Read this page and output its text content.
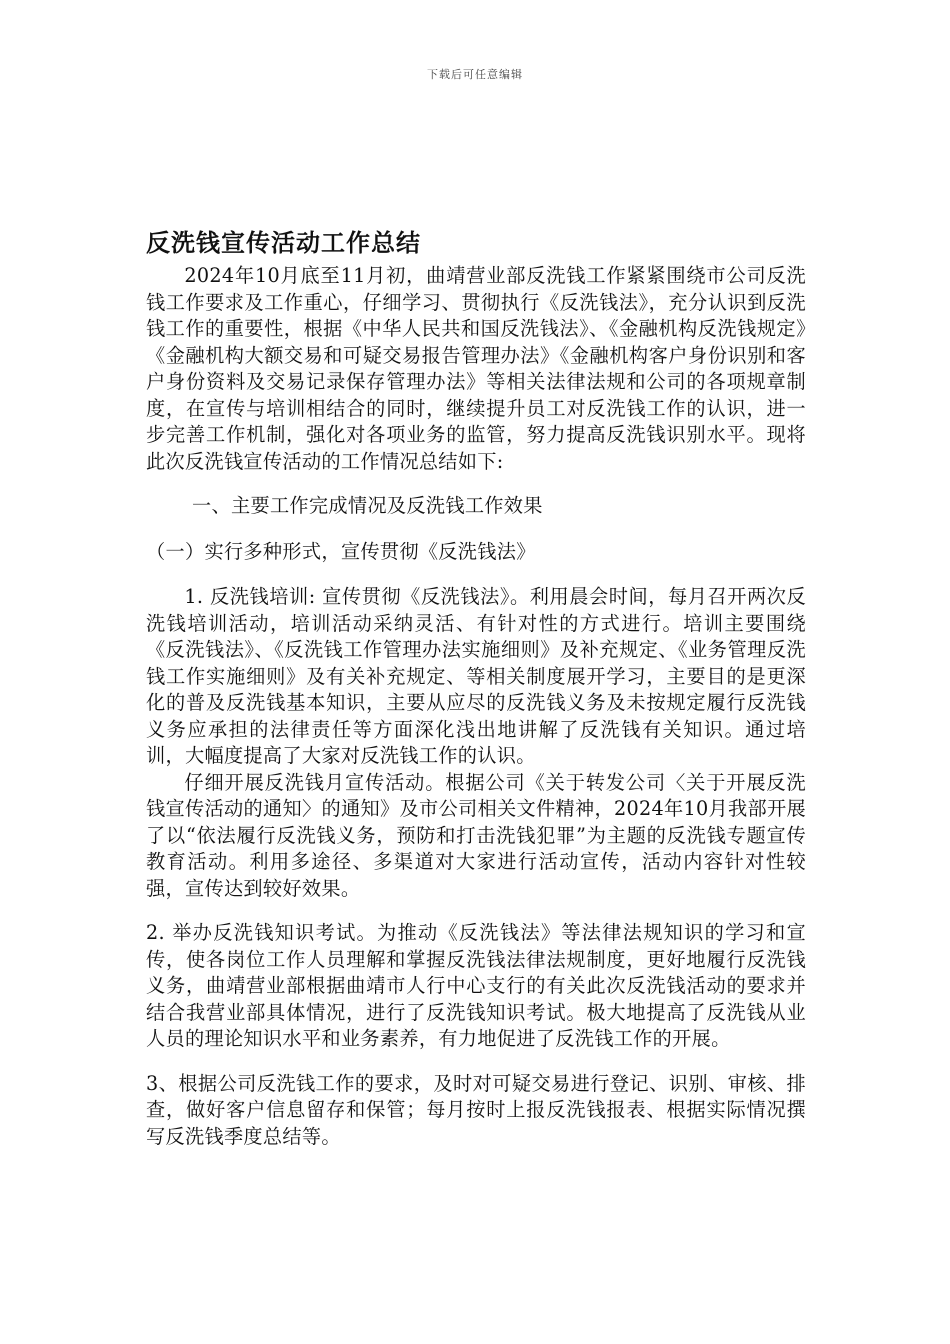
下载后可任意编辑
反洗钱宣传活动工作总结

2024年10月底至11月初，曲靖营业部反洗钱工作紧紧围绕市公司反洗钱工作要求及工作重心，仔细学习、贯彻执行《反洗钱法》，充分认识到反洗钱工作的重要性，根据《中华人民共和国反洗钱法》、《金融机构反洗钱规定》《金融机构大额交易和可疑交易报告管理办法》《金融机构客户身份识别和客户身份资料及交易记录保存管理办法》等相关法律法规和公司的各项规章制度，在宣传与培训相结合的同时，继续提升员工对反洗钱工作的认识，进一步完善工作机制，强化对各项业务的监管，努力提高反洗钱识别水平。现将此次反洗钱宣传活动的工作情况总结如下:

一、主要工作完成情况及反洗钱工作效果

（一）实行多种形式，宣传贯彻《反洗钱法》

1. 反洗钱培训: 宣传贯彻《反洗钱法》。利用晨会时间，每月召开两次反洗钱培训活动，培训活动采纳灵活、有针对性的方式进行。培训主要围绕《反洗钱法》、《反洗钱工作管理办法实施细则》及补充规定、《业务管理反洗钱工作实施细则》及有关补充规定、等相关制度展开学习，主要目的是更深化的普及反洗钱基本知识，主要从应尽的反洗钱义务及未按规定履行反洗钱义务应承担的法律责任等方面深化浅出地讲解了反洗钱有关知识。通过培训，大幅度提高了大家对反洗钱工作的认识。

仔细开展反洗钱月宣传活动。根据公司《关于转发公司〈关于开展反洗钱宣传活动的通知〉的通知》及市公司相关文件精神，2024年10月我部开展了以“依法履行反洗钱义务，预防和打击洗钱犯罪”为主题的反洗钱专题宣传教育活动。利用多途径、多渠道对大家进行活动宣传，活动内容针对性较强，宣传达到较好效果。

2. 举办反洗钱知识考试。为推动《反洗钱法》等法律法规知识的学习和宣传，使各岗位工作人员理解和掌握反洗钱法律法规制度，更好地履行反洗钱义务，曲靖营业部根据曲靖市人行中心支行的有关此次反洗钱活动的要求并结合我营业部具体情况，进行了反洗钱知识考试。极大地提高了反洗钱从业人员的理论知识水平和业务素养，有力地促进了反洗钱工作的开展。

3、根据公司反洗钱工作的要求，及时对可疑交易进行登记、识别、审核、排查，做好客户信息留存和保管；每月按时上报反洗钱报表、根据实际情况撰写反洗钱季度总结等。
